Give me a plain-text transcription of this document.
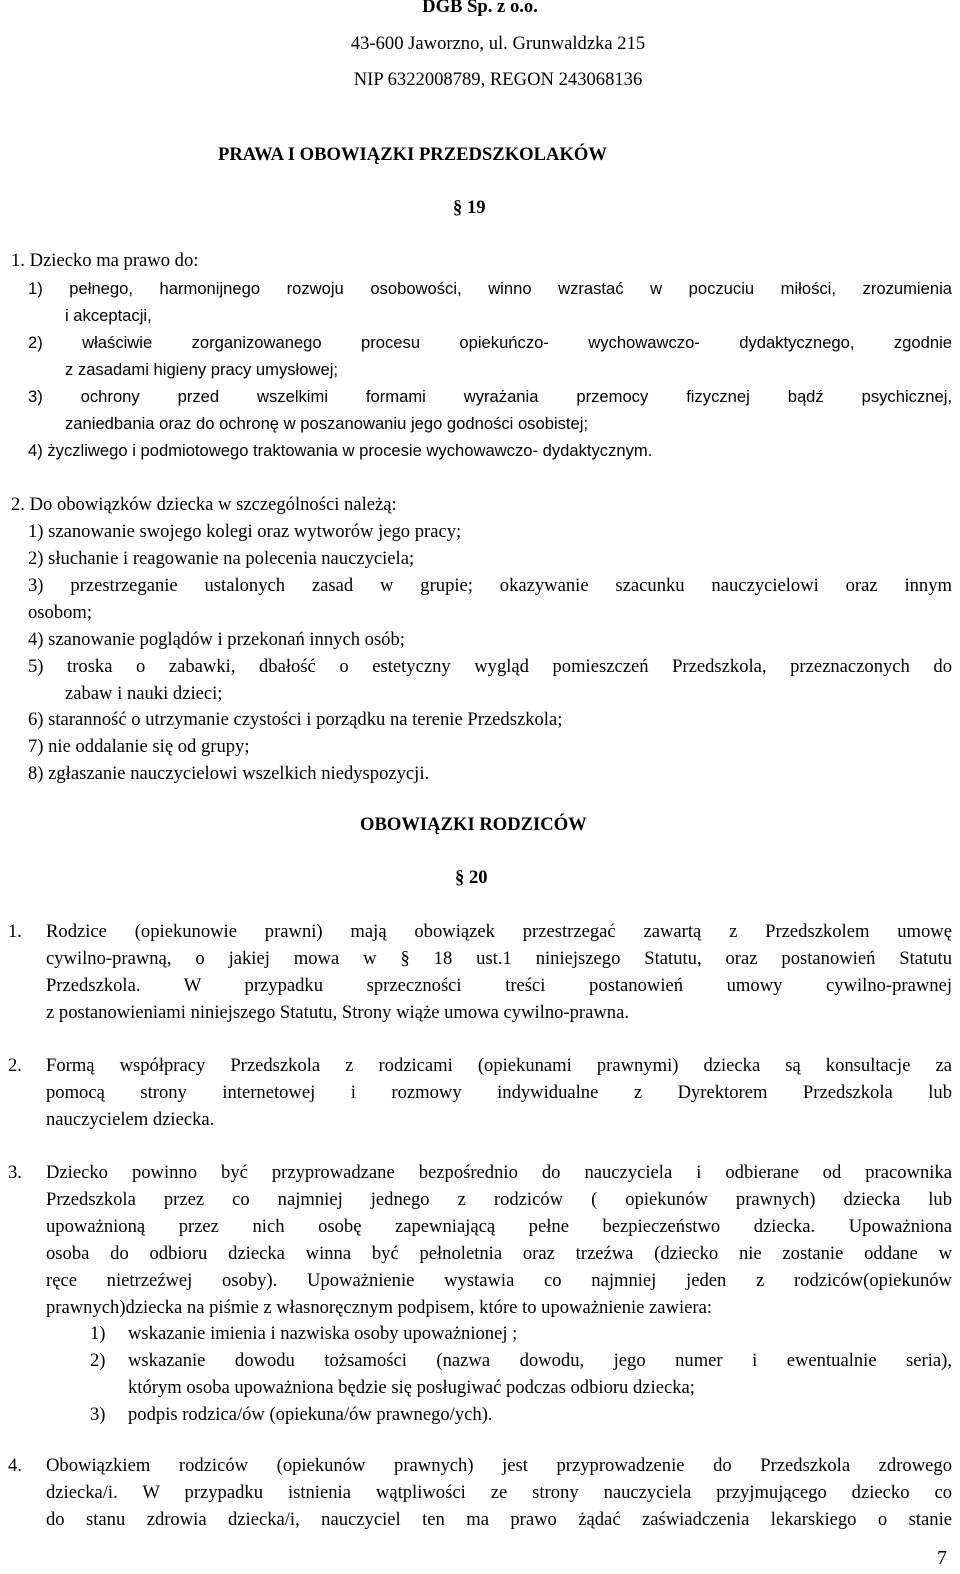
DGB Sp. z o.o.
43-600 Jaworzno, ul. Grunwaldzka 215
NIP 6322008789, REGON 243068136
PRAWA I OBOWIĄZKI PRZEDSZKOLAKÓW
§ 19
1. Dziecko ma prawo do:
1) pełnego, harmonijnego rozwoju osobowości, winno wzrastać w poczuciu miłości, zrozumienia
i akceptacji,
2) właściwie zorganizowanego procesu opiekuńczo- wychowawczo- dydaktycznego, zgodnie
z zasadami higieny pracy umysłowej;
3) ochrony przed wszelkimi formami wyrażania przemocy fizycznej bądź psychicznej,
zaniedbania oraz do ochronę w poszanowaniu jego godności osobistej;
4) życzliwego i podmiotowego traktowania w procesie wychowawczo- dydaktycznym.
2. Do obowiązków dziecka w szczególności należą:
1) szanowanie swojego kolegi oraz wytworów jego pracy;
2) słuchanie i reagowanie na polecenia nauczyciela;
3) przestrzeganie ustalonych zasad w grupie; okazywanie szacunku nauczycielowi oraz innym
osobom;
4) szanowanie poglądów i przekonań innych osób;
5) troska o zabawki, dbałość o estetyczny wygląd pomieszczeń Przedszkola, przeznaczonych do
zabaw i nauki dzieci;
6) staranność o utrzymanie czystości i porządku na terenie Przedszkola;
7) nie oddalanie się od grupy;
8) zgłaszanie nauczycielowi wszelkich niedyspozycji.
OBOWIĄZKI RODZICÓW
§ 20
1. Rodzice (opiekunowie prawni) mają obowiązek przestrzegać zawartą z Przedszkolem umowę
cywilno-prawną, o jakiej mowa w § 18 ust.1 niniejszego Statutu, oraz postanowień Statutu
Przedszkola. W przypadku sprzeczności treści postanowień umowy cywilno-prawnej
z postanowieniami niniejszego Statutu, Strony wiąże umowa cywilno-prawna.
2. Formą współpracy Przedszkola z rodzicami (opiekunami prawnymi) dziecka są konsultacje za
pomocą strony internetowej i rozmowy indywidualne z Dyrektorem Przedszkola lub
nauczycielem dziecka.
3. Dziecko powinno być przyprowadzane bezpośrednio do nauczyciela i odbierane od pracownika
Przedszkola przez co najmniej jednego z rodziców ( opiekunów prawnych) dziecka lub
upoważnioną przez nich osobę zapewniającą pełne bezpieczeństwo dziecka. Upoważniona
osoba do odbioru dziecka winna być pełnoletnia oraz trzeźwa (dziecko nie zostanie oddane w
ręce nietrzeźwej osoby). Upoważnienie wystawia co najmniej jeden z rodziców(opiekunów
prawnych)dziecka na piśmie z własnoręcznym podpisem, które to upoważnienie zawiera:
1) wskazanie imienia i nazwiska osoby upoważnionej ;
2) wskazanie dowodu tożsamości (nazwa dowodu, jego numer i ewentualnie seria),
którym osoba upoważniona będzie się posługiwać podczas odbioru dziecka;
3) podpis rodzica/ów (opiekuna/ów prawnego/ych).
4. Obowiązkiem rodziców (opiekunów prawnych) jest przyprowadzenie do Przedszkola zdrowego
dziecka/i. W przypadku istnienia wątpliwości ze strony nauczyciela przyjmującego dziecko co
do stanu zdrowia dziecka/i, nauczyciel ten ma prawo żądać zaświadczenia lekarskiego o stanie
7
